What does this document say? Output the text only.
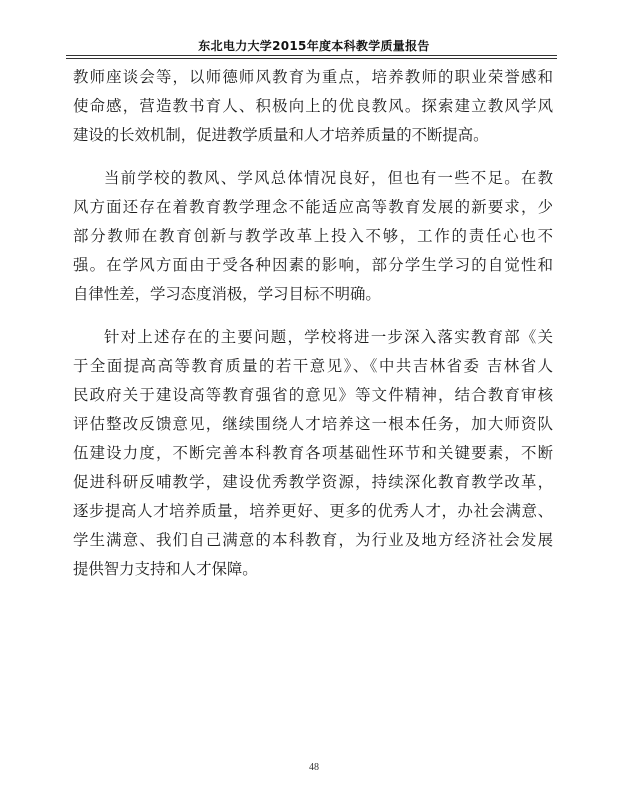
东北电力大学2015年度本科教学质量报告
教师座谈会等，以师德师风教育为重点，培养教师的职业荣誉感和
使命感，营造教书育人、积极向上的优良教风。探索建立教风学风
建设的长效机制，促进教学质量和人才培养质量的不断提高。
当前学校的教风、学风总体情况良好，但也有一些不足。在教
风方面还存在着教育教学理念不能适应高等教育发展的新要求，少
部分教师在教育创新与教学改革上投入不够，工作的责任心也不
强。在学风方面由于受各种因素的影响，部分学生学习的自觉性和
自律性差，学习态度消极，学习目标不明确。
针对上述存在的主要问题，学校将进一步深入落实教育部《关
于全面提高高等教育质量的若干意见》、《中共吉林省委 吉林省人
民政府关于建设高等教育强省的意见》等文件精神，结合教育审核
评估整改反馈意见，继续围绕人才培养这一根本任务，加大师资队
伍建设力度，不断完善本科教育各项基础性环节和关键要素，不断
促进科研反哺教学，建设优秀教学资源，持续深化教育教学改革，
逐步提高人才培养质量，培养更好、更多的优秀人才，办社会满意、
学生满意、我们自己满意的本科教育，为行业及地方经济社会发展
提供智力支持和人才保障。
48
